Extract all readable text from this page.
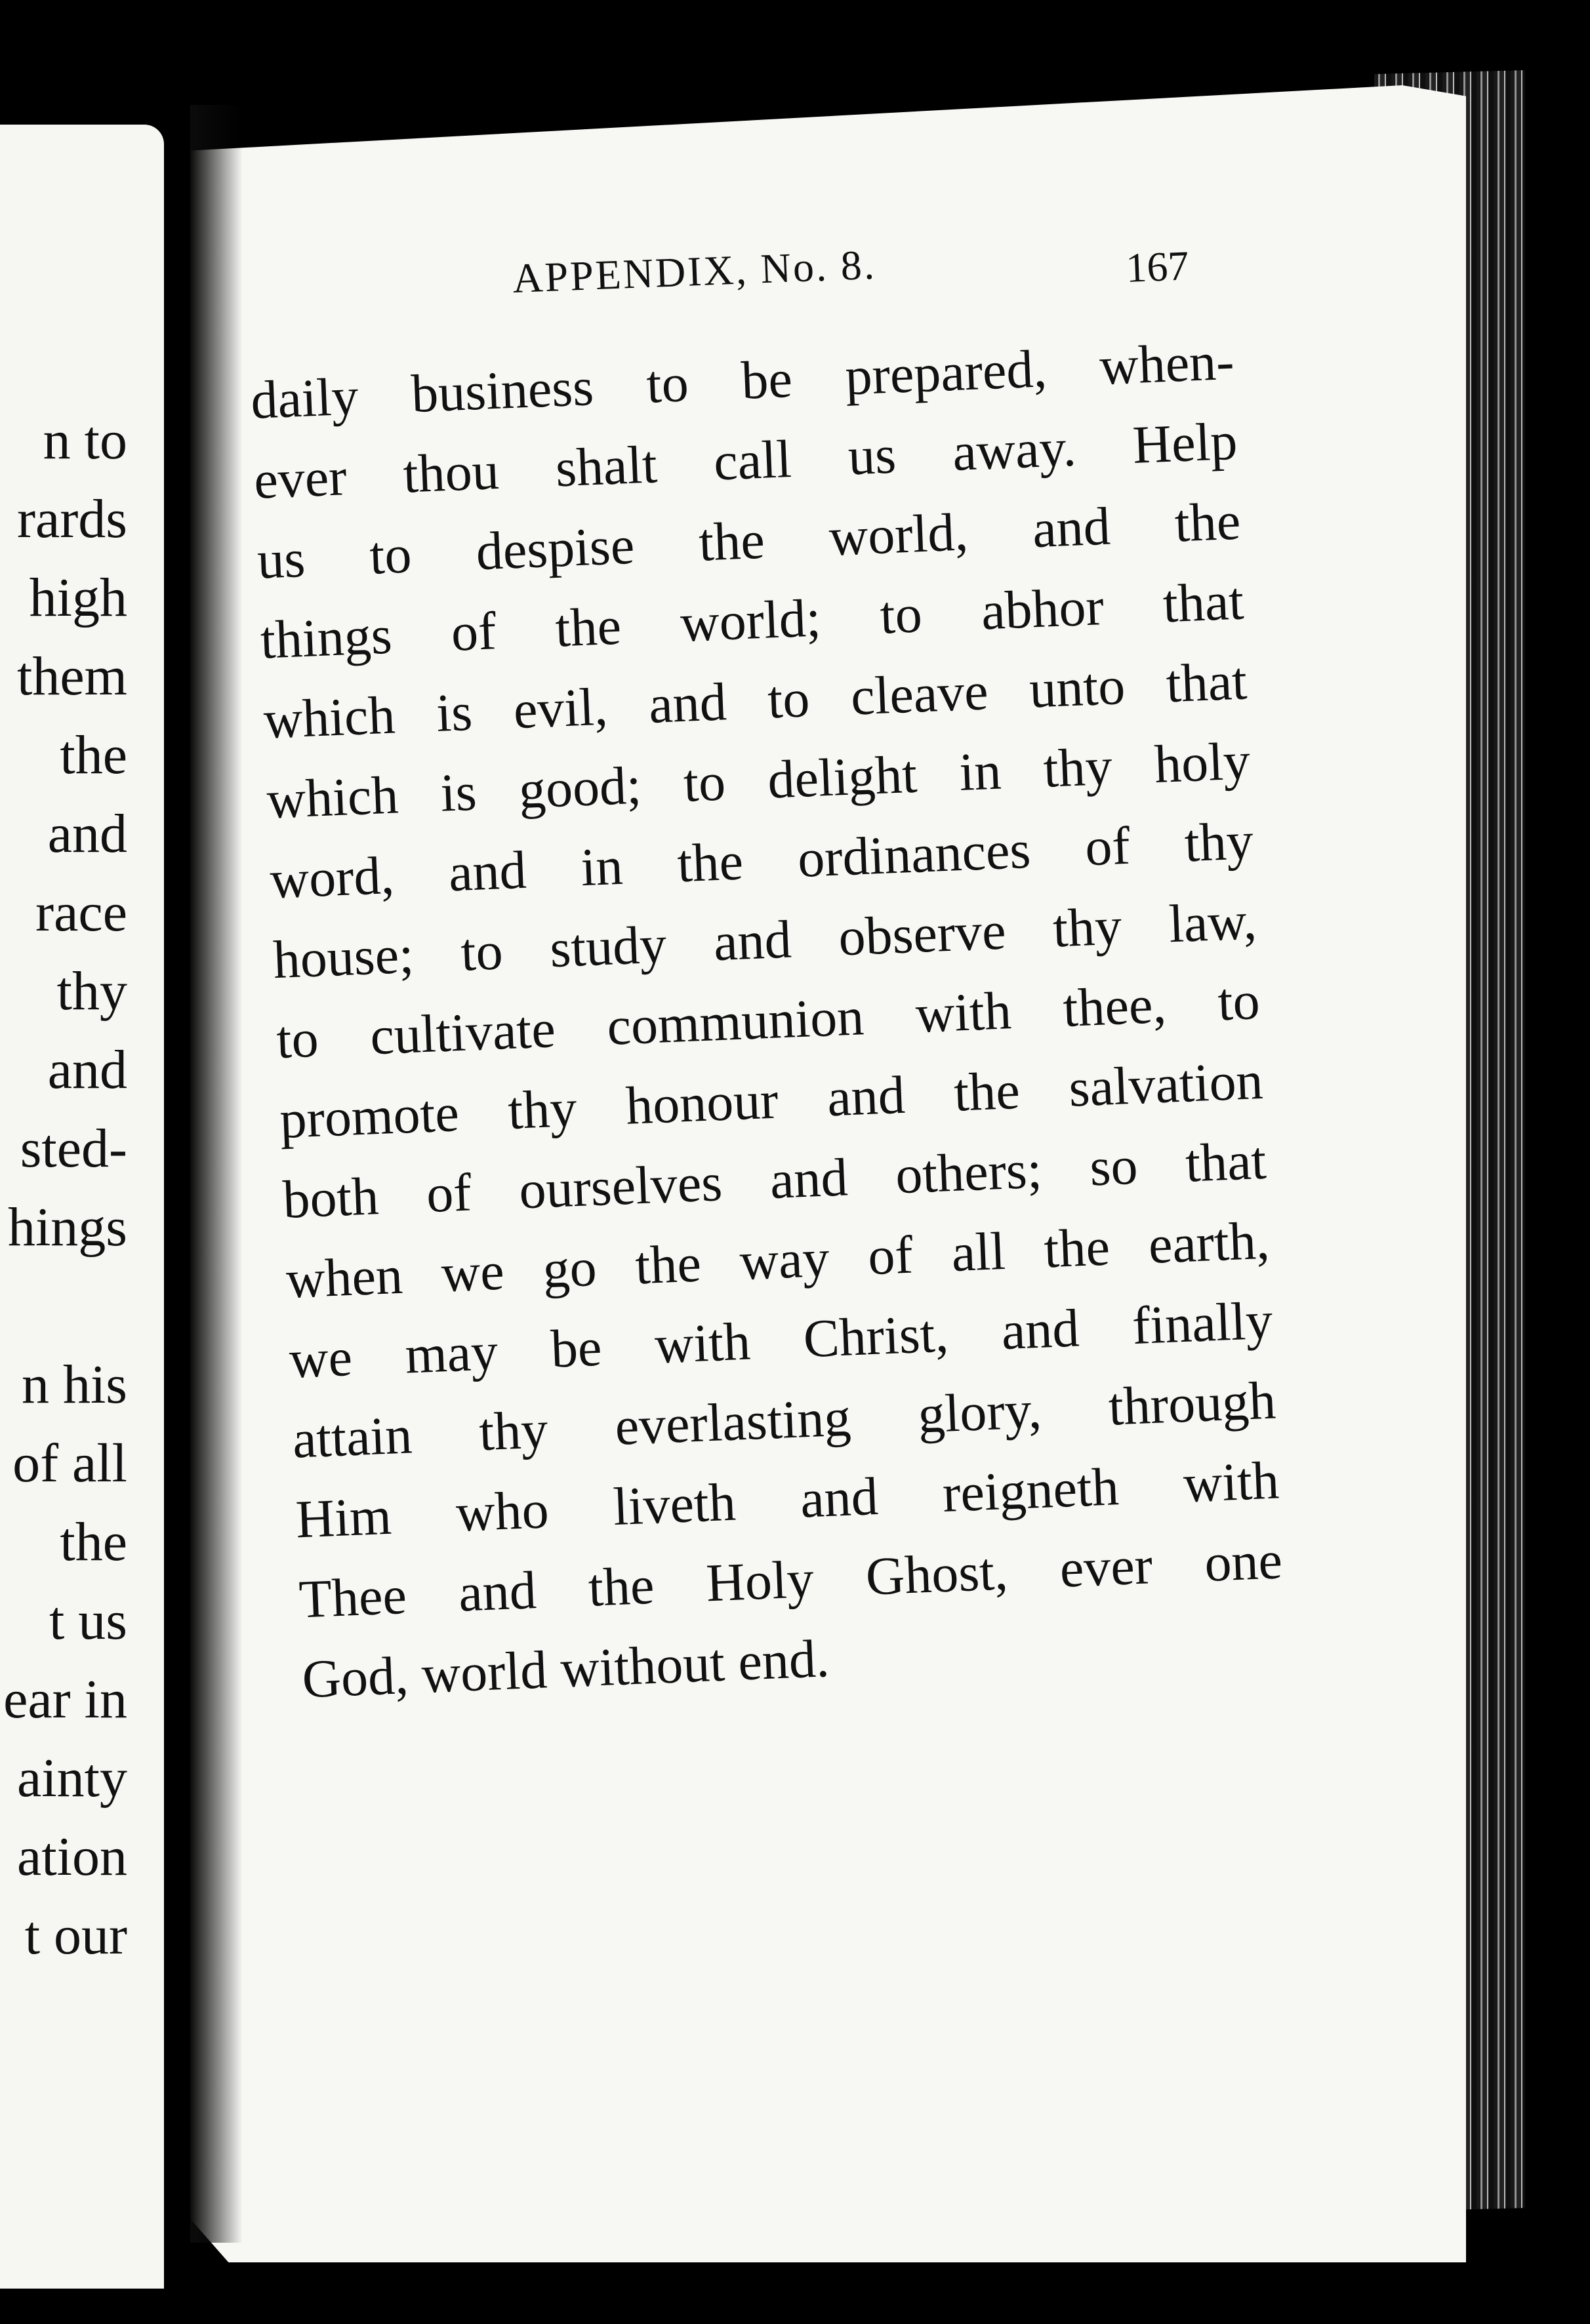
n to
rards
high
them
the
and
race
thy
and
sted-
hings
n his
of all
the
t us
ear in
ainty
ation
t our
APPENDIX, No. 8.	167
daily business to be prepared, when-
ever thou shalt call us away. Help
us to despise the world, and the
things of the world; to abhor that
which is evil, and to cleave unto that
which is good; to delight in thy holy
word, and in the ordinances of thy
house; to study and observe thy law,
to cultivate communion with thee, to
promote thy honour and the salvation
both of ourselves and others; so that
when we go the way of all the earth,
we may be with Christ, and finally
attain thy everlasting glory, through
Him who liveth and reigneth with
Thee and the Holy Ghost, ever one
God, world without end.
